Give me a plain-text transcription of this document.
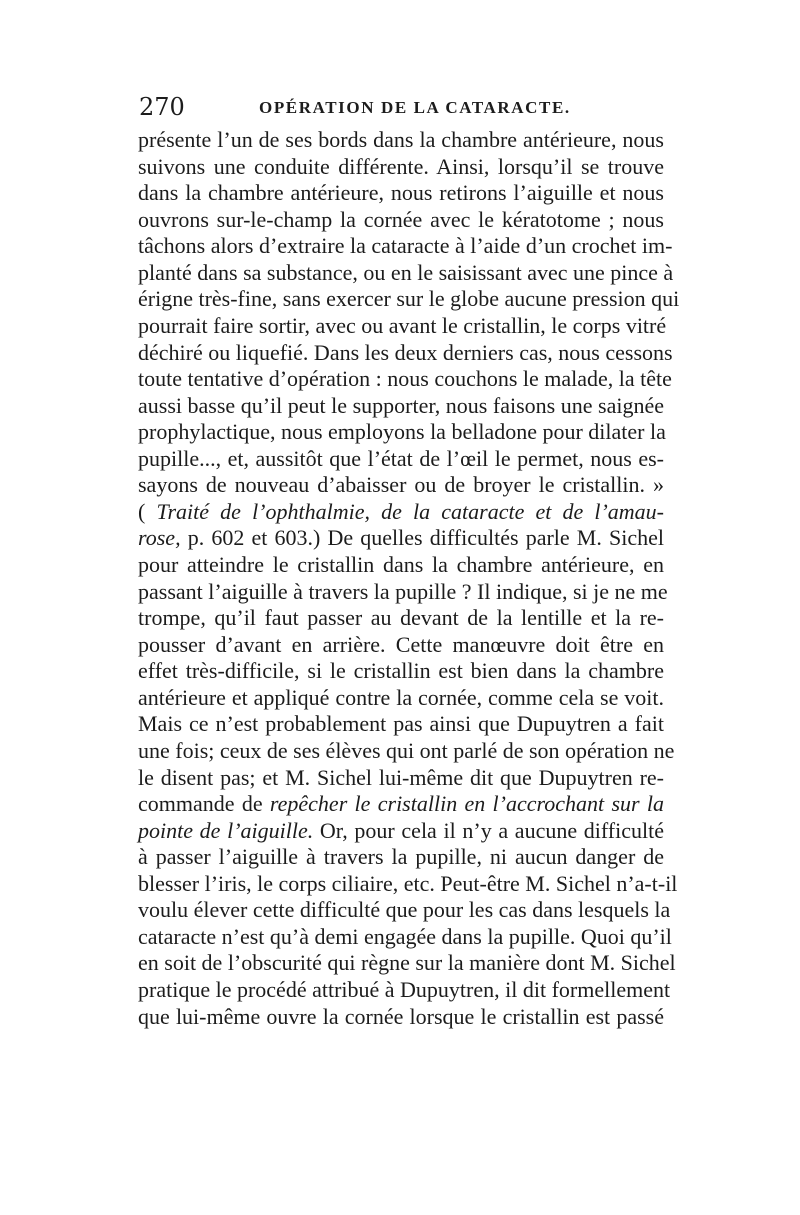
270	OPÉRATION DE LA CATARACTE.
présente l’un de ses bords dans la chambre antérieure, nous
suivons une conduite différente. Ainsi, lorsqu’il se trouve
dans la chambre antérieure, nous retirons l’aiguille et nous
ouvrons sur-le-champ la cornée avec le kératotome ; nous
tâchons alors d’extraire la cataracte à l’aide d’un crochet im-
planté dans sa substance, ou en le saisissant avec une pince à
érigne très-fine, sans exercer sur le globe aucune pression qui
pourrait faire sortir, avec ou avant le cristallin, le corps vitré
déchiré ou liquefié. Dans les deux derniers cas, nous cessons
toute tentative d’opération : nous couchons le malade, la tête
aussi basse qu’il peut le supporter, nous faisons une saignée
prophylactique, nous employons la belladone pour dilater la
pupille..., et, aussitôt que l’état de l’œil le permet, nous es-
sayons de nouveau d’abaisser ou de broyer le cristallin. »
( Traité de l’ophthalmie, de la cataracte et de l’amau-
rose, p. 602 et 603.) De quelles difficultés parle M. Sichel
pour atteindre le cristallin dans la chambre antérieure, en
passant l’aiguille à travers la pupille ? Il indique, si je ne me
trompe, qu’il faut passer au devant de la lentille et la re-
pousser d’avant en arrière. Cette manœuvre doit être en
effet très-difficile, si le cristallin est bien dans la chambre
antérieure et appliqué contre la cornée, comme cela se voit.
Mais ce n’est probablement pas ainsi que Dupuytren a fait
une fois; ceux de ses élèves qui ont parlé de son opération ne
le disent pas; et M. Sichel lui-même dit que Dupuytren re-
commande de repêcher le cristallin en l’accrochant sur la
pointe de l’aiguille. Or, pour cela il n’y a aucune difficulté
à passer l’aiguille à travers la pupille, ni aucun danger de
blesser l’iris, le corps ciliaire, etc. Peut-être M. Sichel n’a-t-il
voulu élever cette difficulté que pour les cas dans lesquels la
cataracte n’est qu’à demi engagée dans la pupille. Quoi qu’il
en soit de l’obscurité qui règne sur la manière dont M. Sichel
pratique le procédé attribué à Dupuytren, il dit formellement
que lui-même ouvre la cornée lorsque le cristallin est passé
